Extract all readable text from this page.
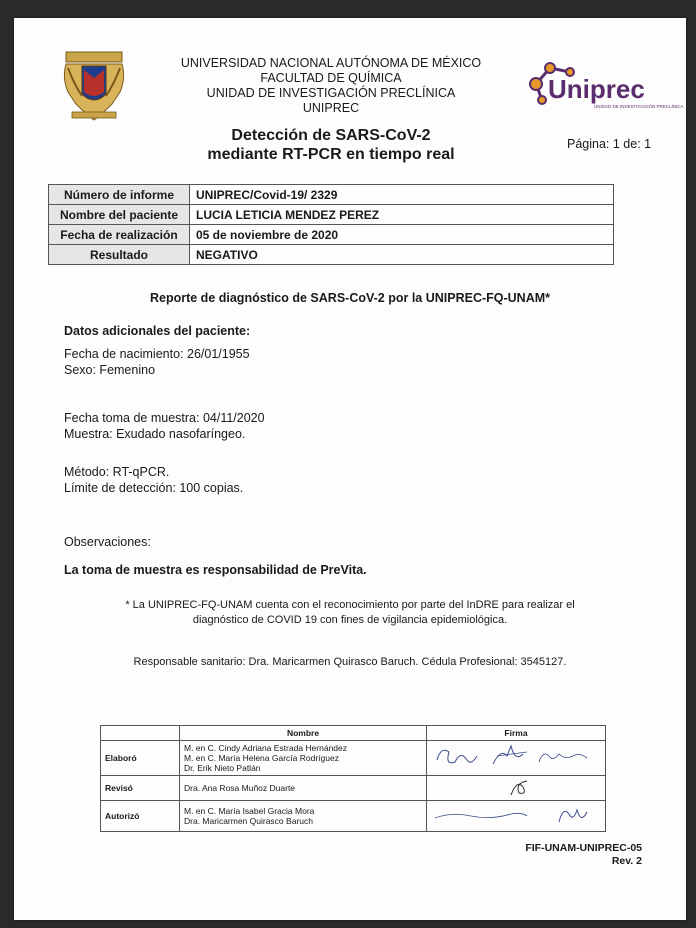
UNIVERSIDAD NACIONAL AUTÓNOMA DE MÉXICO
FACULTAD DE QUÍMICA
UNIDAD DE INVESTIGACIÓN PRECLÍNICA
UNIPREC
Uniprec
UNIDAD DE INVESTIGACIÓN PRECLÍNICA
Detección de SARS-CoV-2
mediante RT-PCR en tiempo real
Página: 1 de: 1
Número de informe	UNIPREC/Covid-19/ 2329
Nombre del paciente	LUCIA LETICIA MENDEZ PEREZ
Fecha de realización	05 de noviembre de 2020
Resultado	NEGATIVO
Reporte de diagnóstico de SARS-CoV-2 por la UNIPREC-FQ-UNAM*
Datos adicionales del paciente:
Fecha de nacimiento: 26/01/1955
Sexo: Femenino
Fecha toma de muestra: 04/11/2020
Muestra: Exudado nasofaríngeo.
Método: RT-qPCR.
Límite de detección: 100 copias.
Observaciones:
La toma de muestra es responsabilidad de PreVita.
* La UNIPREC-FQ-UNAM cuenta con el reconocimiento por parte del InDRE para realizar el
diagnóstico de COVID 19 con fines de vigilancia epidemiológica.
Responsable sanitario: Dra. Maricarmen Quirasco Baruch. Cédula Profesional: 3545127.
	Nombre	Firma
Elaboró	M. en C. Cindy Adriana Estrada Hernández
M. en C. María Helena García Rodríguez
Dr. Erik Nieto Patlán

Revisó	Dra. Ana Rosa Muñoz Duarte

Autorizó	M. en C. María Isabel Gracia Mora
Dra. Maricarmen Quirasco Baruch

FIF-UNAM-UNIPREC-05
Rev. 2
